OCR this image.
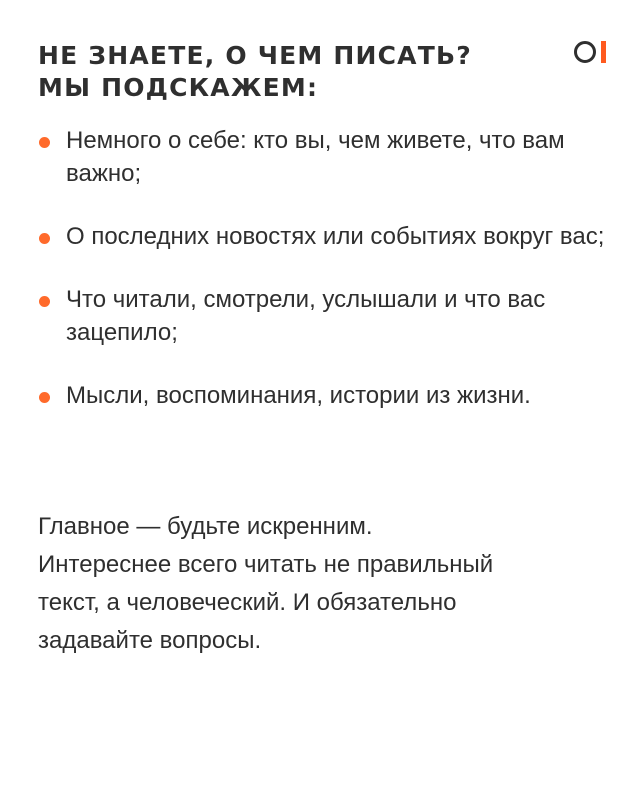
НЕ ЗНАЕТЕ, О ЧЕМ ПИСАТЬ?
МЫ ПОДСКАЖЕМ:
Немного о себе: кто вы, чем живете, что вам важно;
О последних новостях или событиях вокруг вас;
Что читали, смотрели, услышали и что вас зацепило;
Мысли, воспоминания, истории из жизни.

Главное — будьте искренним.
Интереснее всего читать не правильный
текст, а человеческий. И обязательно
задавайте вопросы.
